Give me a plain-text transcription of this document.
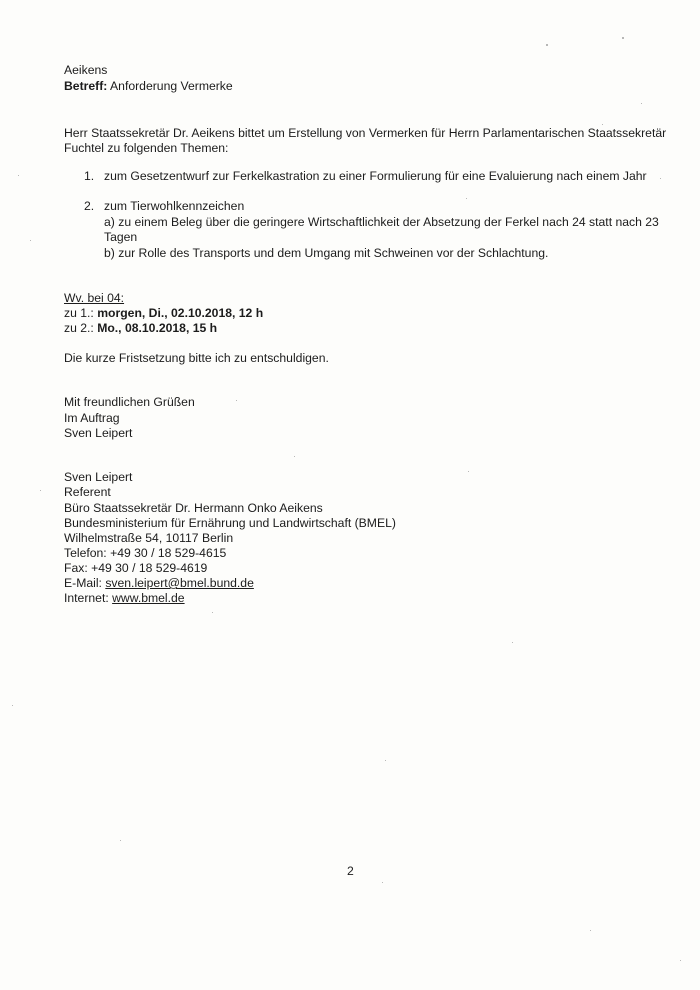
Aeikens
Betreff: Anforderung Vermerke
Herr Staatssekretär Dr. Aeikens bittet um Erstellung von Vermerken für Herrn Parlamentarischen Staatssekretär
Fuchtel zu folgenden Themen:
1. zum Gesetzentwurf zur Ferkelkastration zu einer Formulierung für eine Evaluierung nach einem Jahr
2. zum Tierwohlkennzeichen
a) zu einem Beleg über die geringere Wirtschaftlichkeit der Absetzung der Ferkel nach 24 statt nach 23
Tagen
b) zur Rolle des Transports und dem Umgang mit Schweinen vor der Schlachtung.
Wv. bei 04:
zu 1.: morgen, Di., 02.10.2018, 12 h
zu 2.: Mo., 08.10.2018, 15 h
Die kurze Fristsetzung bitte ich zu entschuldigen.
Mit freundlichen Grüßen
Im Auftrag
Sven Leipert
Sven Leipert
Referent
Büro Staatssekretär Dr. Hermann Onko Aeikens
Bundesministerium für Ernährung und Landwirtschaft (BMEL)
Wilhelmstraße 54, 10117 Berlin
Telefon: +49 30 / 18 529-4615
Fax: +49 30 / 18 529-4619
E-Mail: sven.leipert@bmel.bund.de
Internet: www.bmel.de
2
